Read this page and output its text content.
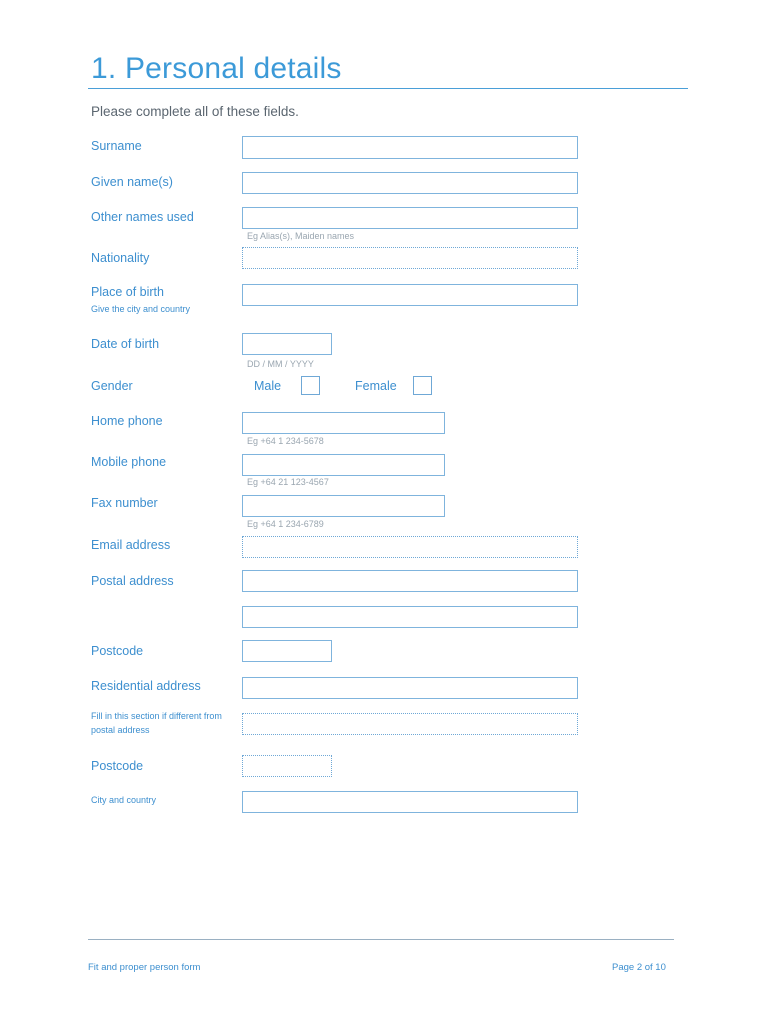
1. Personal details
Please complete all of these fields.
Surname
Given name(s)
Other names used
Eg Alias(s), Maiden names
Nationality
Place of birth
Give the city and country
Date of birth
DD / MM / YYYY
Gender	Male	Female
Home phone
Eg +64 1 234-5678
Mobile phone
Eg +64 21 123-4567
Fax number
Eg +64 1 234-6789
Email address
Postal address
Postcode
Residential address
Fill in this section if different from
postal address
Postcode
City and country
Fit and proper person form	Page 2 of 10
